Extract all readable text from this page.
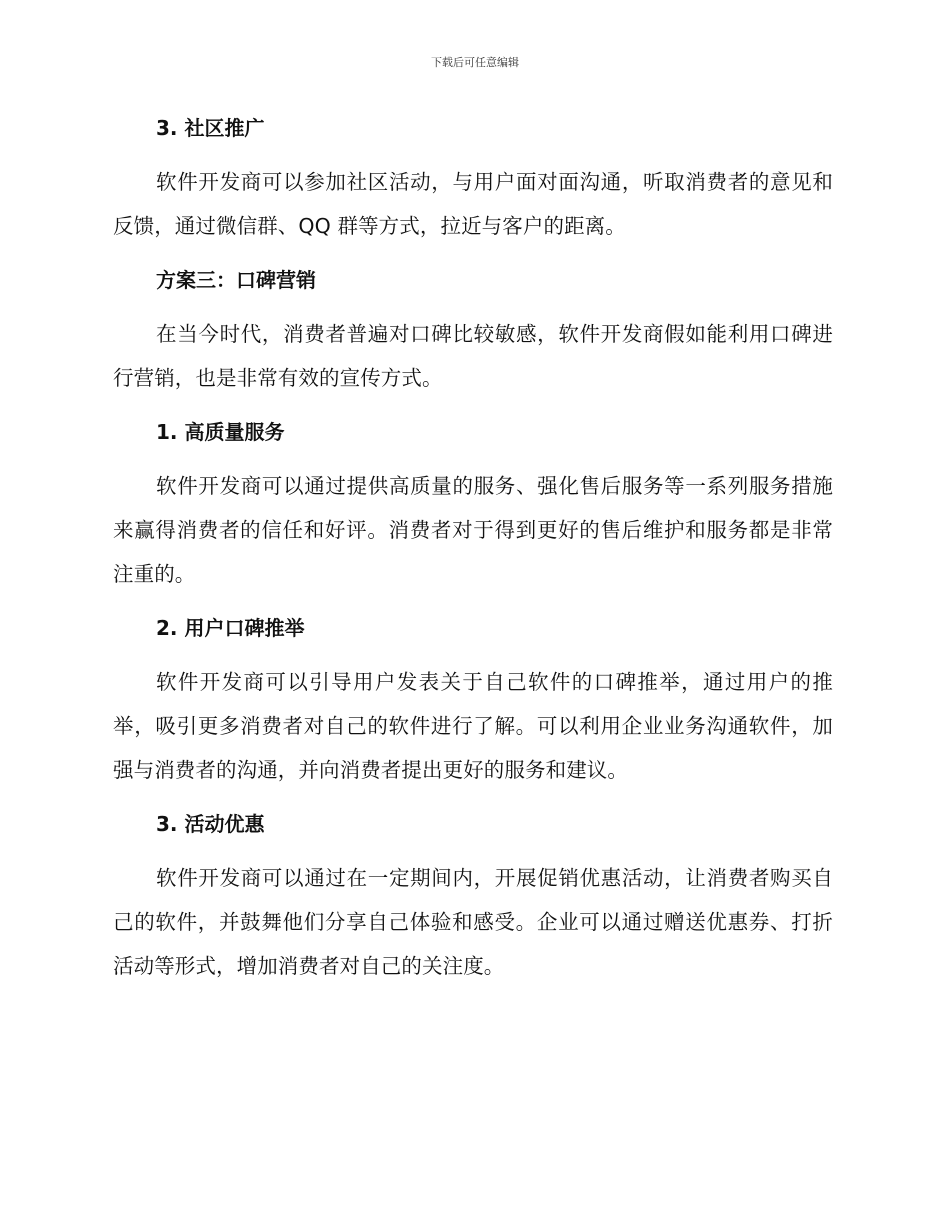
下载后可任意编辑
3. 社区推广

软件开发商可以参加社区活动，与用户面对面沟通，听取消费者的意见和反馈，通过微信群、QQ 群等方式，拉近与客户的距离。

方案三：口碑营销

在当今时代，消费者普遍对口碑比较敏感，软件开发商假如能利用口碑进行营销，也是非常有效的宣传方式。

1. 高质量服务

软件开发商可以通过提供高质量的服务、强化售后服务等一系列服务措施来赢得消费者的信任和好评。消费者对于得到更好的售后维护和服务都是非常注重的。

2. 用户口碑推举

软件开发商可以引导用户发表关于自己软件的口碑推举，通过用户的推举，吸引更多消费者对自己的软件进行了解。可以利用企业业务沟通软件，加强与消费者的沟通，并向消费者提出更好的服务和建议。

3. 活动优惠

软件开发商可以通过在一定期间内，开展促销优惠活动，让消费者购买自己的软件，并鼓舞他们分享自己体验和感受。企业可以通过赠送优惠券、打折活动等形式，增加消费者对自己的关注度。
